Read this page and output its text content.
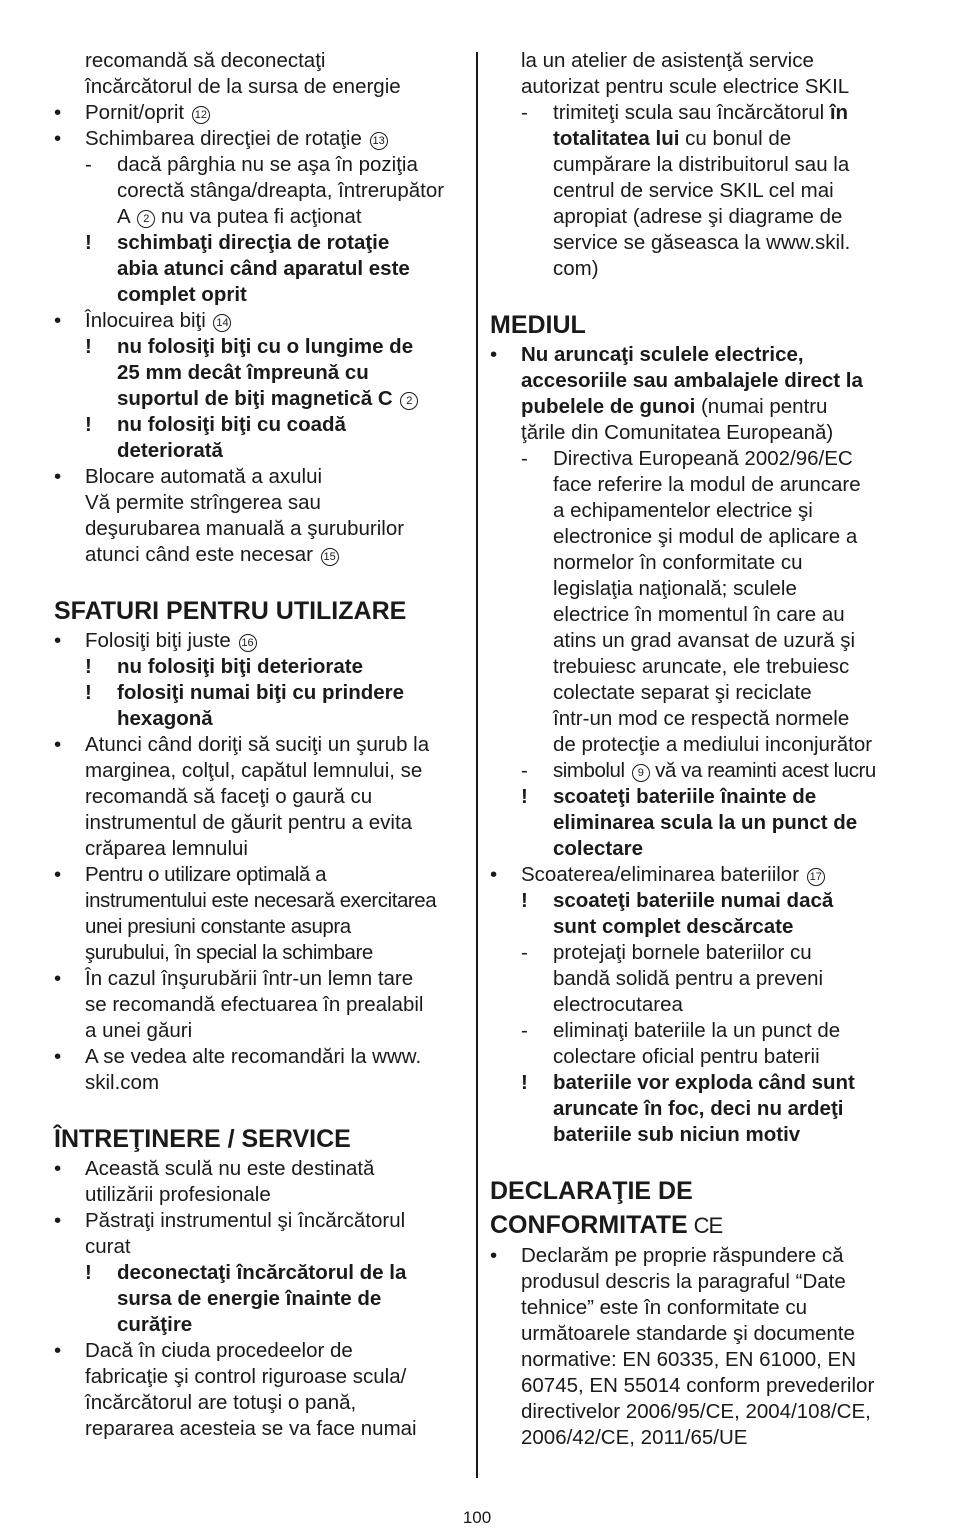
recomandă să deconectaţi
încărcătorul de la sursa de energie
• Pornit/oprit 12
• Schimbarea direcţiei de rotaţie 13
- dacă pârghia nu se aşa în poziţia
corectă stânga/dreapta, întrerupător
A 2 nu va putea fi acţionat
! schimbaţi direcţia de rotaţie
abia atunci când aparatul este
complet oprit
• Înlocuirea biţi 14
! nu folosiţi biţi cu o lungime de
25 mm decât împreună cu
suportul de biţi magnetică C 2
! nu folosiţi biţi cu coadă
deteriorată
• Blocare automată a axului
Vă permite strîngerea sau
deşurubarea manuală a şuruburilor
atunci când este necesar 15
SFATURI PENTRU UTILIZARE
• Folosiţi biţi juste 16
! nu folosiţi biţi deteriorate
! folosiţi numai biţi cu prindere
hexagonă
• Atunci când doriţi să suciţi un şurub la
marginea, colţul, capătul lemnului, se
recomandă să faceţi o gaură cu
instrumentul de găurit pentru a evita
crăparea lemnului
• Pentru o utilizare optimală a
instrumentului este necesară exercitarea
unei presiuni constante asupra
şurubului, în special la schimbare
• În cazul înşurubării într-un lemn tare
se recomandă efectuarea în prealabil
a unei găuri
• A se vedea alte recomandări la www.
skil.com
ÎNTREŢINERE / SERVICE
• Această sculă nu este destinată
utilizării profesionale
• Păstraţi instrumentul şi încărcătorul
curat
! deconectaţi încărcătorul de la
sursa de energie înainte de
curăţire
• Dacă în ciuda procedeelor de
fabricaţie şi control riguroase scula/
încărcătorul are totuşi o pană,
repararea acesteia se va face numai
la un atelier de asistenţă service
autorizat pentru scule electrice SKIL
- trimiteţi scula sau încărcătorul în
totalitatea lui cu bonul de
cumpărare la distribuitorul sau la
centrul de service SKIL cel mai
apropiat (adrese şi diagrame de
service se găseasca la www.skil.
com)
MEDIUL
• Nu aruncaţi sculele electrice,
accesoriile sau ambalajele direct la
pubelele de gunoi (numai pentru
ţările din Comunitatea Europeană)
- Directiva Europeană 2002/96/EC
face referire la modul de aruncare
a echipamentelor electrice şi
electronice şi modul de aplicare a
normelor în conformitate cu
legislaţia naţională; sculele
electrice în momentul în care au
atins un grad avansat de uzură şi
trebuiesc aruncate, ele trebuiesc
colectate separat şi reciclate
într-un mod ce respectă normele
de protecţie a mediului inconjurător
- simbolul 9 vă va reaminti acest lucru
! scoateţi bateriile înainte de
eliminarea scula la un punct de
colectare
• Scoaterea/eliminarea bateriilor 17
! scoateţi bateriile numai dacă
sunt complet descărcate
- protejaţi bornele bateriilor cu
bandă solidă pentru a preveni
electrocutarea
- eliminaţi bateriile la un punct de
colectare oficial pentru baterii
! bateriile vor exploda când sunt
aruncate în foc, deci nu ardeţi
bateriile sub niciun motiv
DECLARAŢIE DE
CONFORMITATE CE
• Declarăm pe proprie răspundere că
produsul descris la paragraful “Date
tehnice” este în conformitate cu
următoarele standarde şi documente
normative: EN 60335, EN 61000, EN
60745, EN 55014 conform prevederilor
directivelor 2006/95/CE, 2004/108/CE,
2006/42/CE, 2011/65/UE
100
